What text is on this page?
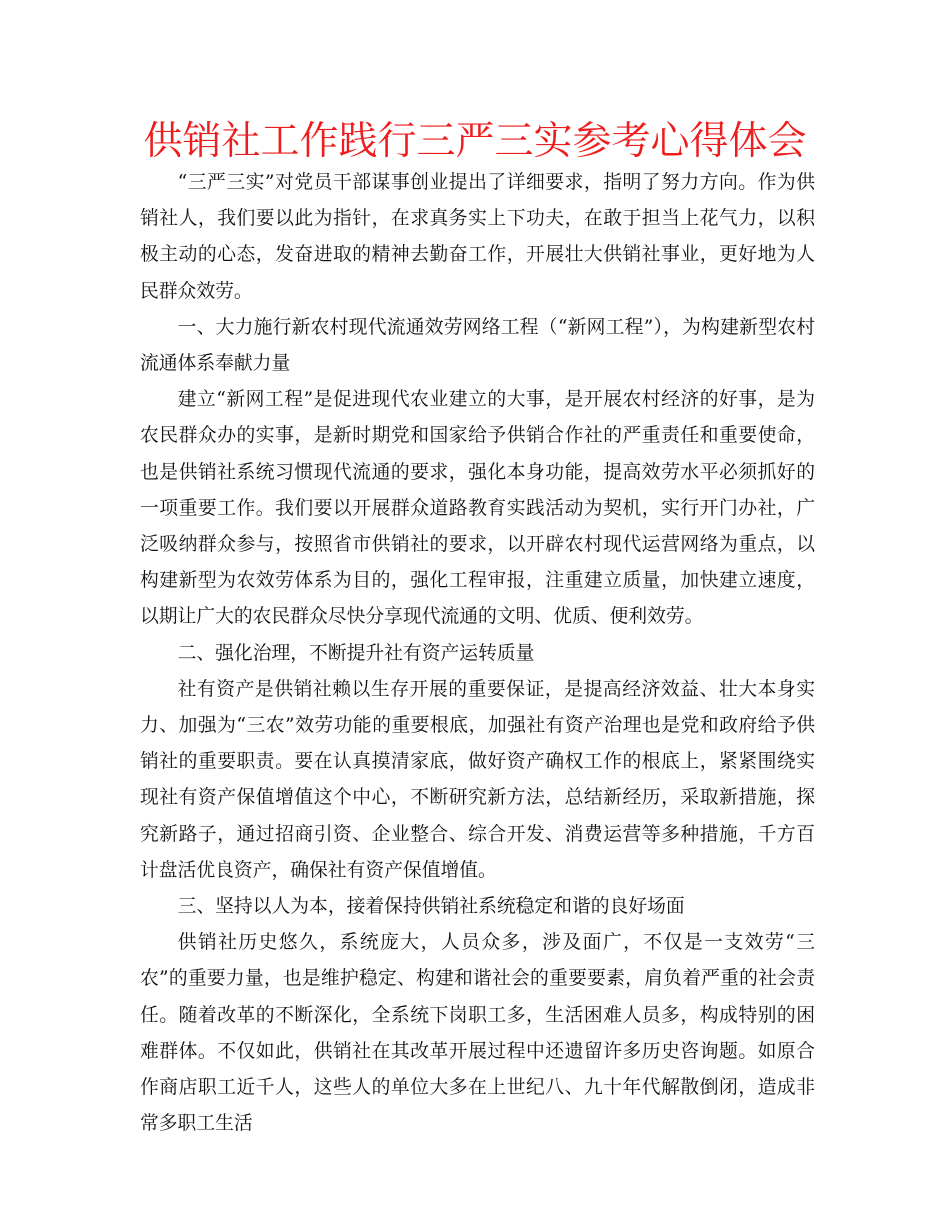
供销社工作践行三严三实参考心得体会

“三严三实”对党员干部谋事创业提出了详细要求，指明了努力方向。作为供销社人，我们要以此为指针，在求真务实上下功夫，在敢于担当上花气力，以积极主动的心态，发奋进取的精神去勤奋工作，开展壮大供销社事业，更好地为人民群众效劳。

一、大力施行新农村现代流通效劳网络工程（“新网工程”），为构建新型农村流通体系奉献力量

建立“新网工程”是促进现代农业建立的大事，是开展农村经济的好事，是为农民群众办的实事，是新时期党和国家给予供销合作社的严重责任和重要使命，也是供销社系统习惯现代流通的要求，强化本身功能，提高效劳水平必须抓好的一项重要工作。我们要以开展群众道路教育实践活动为契机，实行开门办社，广泛吸纳群众参与，按照省市供销社的要求，以开辟农村现代运营网络为重点，以构建新型为农效劳体系为目的，强化工程审报，注重建立质量，加快建立速度，以期让广大的农民群众尽快分享现代流通的文明、优质、便利效劳。

二、强化治理，不断提升社有资产运转质量

社有资产是供销社赖以生存开展的重要保证，是提高经济效益、壮大本身实力、加强为“三农”效劳功能的重要根底，加强社有资产治理也是党和政府给予供销社的重要职责。要在认真摸清家底，做好资产确权工作的根底上，紧紧围绕实现社有资产保值增值这个中心，不断研究新方法，总结新经历，采取新措施，探究新路子，通过招商引资、企业整合、综合开发、消费运营等多种措施，千方百计盘活优良资产，确保社有资产保值增值。

三、坚持以人为本，接着保持供销社系统稳定和谐的良好场面

供销社历史悠久，系统庞大，人员众多，涉及面广，不仅是一支效劳“三农”的重要力量，也是维护稳定、构建和谐社会的重要要素，肩负着严重的社会责任。随着改革的不断深化，全系统下岗职工多，生活困难人员多，构成特别的困难群体。不仅如此，供销社在其改革开展过程中还遗留许多历史咨询题。如原合作商店职工近千人，这些人的单位大多在上世纪八、九十年代解散倒闭，造成非常多职工生活
